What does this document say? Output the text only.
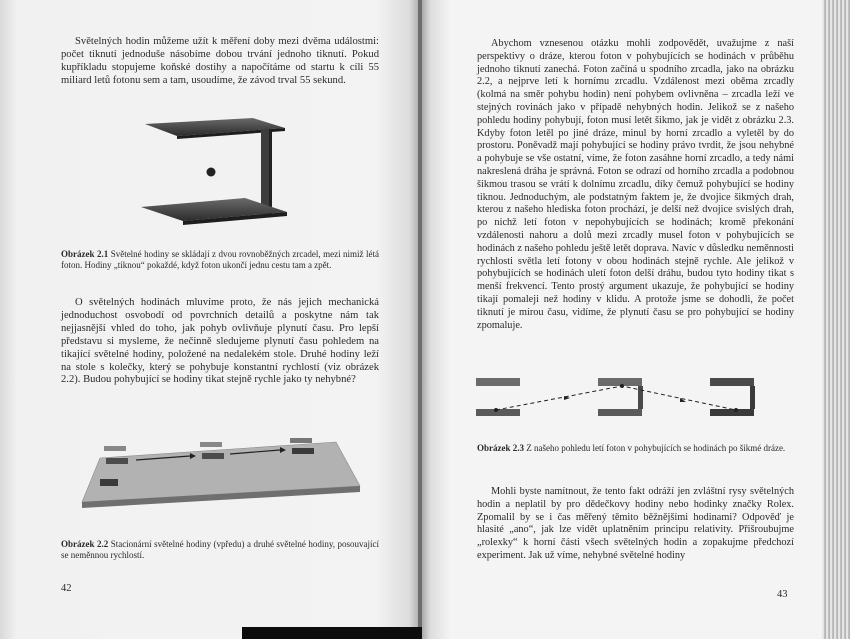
Světelných hodin můžeme užít k měření doby mezi dvěma událostmi: počet tiknutí jednoduše násobíme dobou trvání jednoho tiknutí. Pokud kupříkladu stopujeme koňské dostihy a napočítáme od startu k cíli 55 miliard letů fotonu sem a tam, usoudíme, že závod trval 55 sekund.

Obrázek 2.1 Světelné hodiny se skládají z dvou rovnoběžných zrcadel, mezi nimiž létá foton. Hodiny „tiknou“ pokaždé, když foton ukončí jednu cestu tam a zpět.

O světelných hodinách mluvíme proto, že nás jejich mechanická jednoduchost osvobodí od povrchních detailů a poskytne nám tak nejjasnější vhled do toho, jak pohyb ovlivňuje plynutí času. Pro lepší představu si mysleme, že nečinně sledujeme plynutí času pohledem na tikající světelné hodiny, položené na nedalekém stole. Druhé hodiny leží na stole s kolečky, který se pohybuje konstantní rychlostí (viz obrázek 2.2). Budou pohybující se hodiny tikat stejně rychle jako ty nehybné?

Obrázek 2.2 Stacionární světelné hodiny (vpředu) a druhé světelné hodiny, posouvající se neměnnou rychlostí.
42

Abychom vznesenou otázku mohli zodpovědět, uvažujme z naší perspektivy o dráze, kterou foton v pohybujících se hodinách v průběhu jednoho tiknutí zanechá. Foton začíná u spodního zrcadla, jako na obrázku 2.2, a nejprve letí k hornímu zrcadlu. Vzdálenost mezi oběma zrcadly (kolmá na směr pohybu hodin) není pohybem ovlivněna – zrcadla leží ve stejných rovinách jako v případě nehybných hodin. Jelikož se z našeho pohledu hodiny pohybují, foton musí letět šikmo, jak je vidět z obrázku 2.3. Kdyby foton letěl po jiné dráze, minul by horní zrcadlo a vyletěl by do prostoru. Poněvadž mají pohybující se hodiny právo tvrdit, že jsou nehybné a pohybuje se vše ostatní, víme, že foton zasáhne horní zrcadlo, a tedy námi nakreslená dráha je správná. Foton se odrazí od horního zrcadla a podobnou šikmou trasou se vrátí k dolnímu zrcadlu, díky čemuž pohybující se hodiny tiknou. Jednoduchým, ale podstatným faktem je, že dvojice šikmých drah, kterou z našeho hlediska foton prochází, je delší než dvojice svislých drah, po nichž letí foton v nepohybujících se hodinách; kromě překonání vzdálenosti nahoru a dolů mezi zrcadly musel foton v pohybujících se hodinách z našeho pohledu ještě letět doprava. Navíc v důsledku neměnnosti rychlosti světla letí fotony v obou hodinách stejně rychle. Ale jelikož v pohybujících se hodinách uletí foton delší dráhu, budou tyto hodiny tikat s menší frekvencí. Tento prostý argument ukazuje, že pohybující se hodiny tikají pomaleji než hodiny v klidu. A protože jsme se dohodli, že počet tiknutí je mírou času, vidíme, že plynutí času se pro pohybující se hodiny zpomaluje.

Obrázek 2.3 Z našeho pohledu letí foton v pohybujících se hodinách po šikmé dráze.

Mohli byste namítnout, že tento fakt odráží jen zvláštní rysy světelných hodin a neplatil by pro dědečkovy hodiny nebo hodinky značky Rolex. Zpomalil by se i čas měřený těmito běžnějšími hodinami? Odpověď je hlasité „ano“, jak lze vidět uplatněním principu relativity. Přišroubujme „rolexky“ k horní části všech světelných hodin a zopakujme předchozí experiment. Jak už víme, nehybné světelné hodiny

43
